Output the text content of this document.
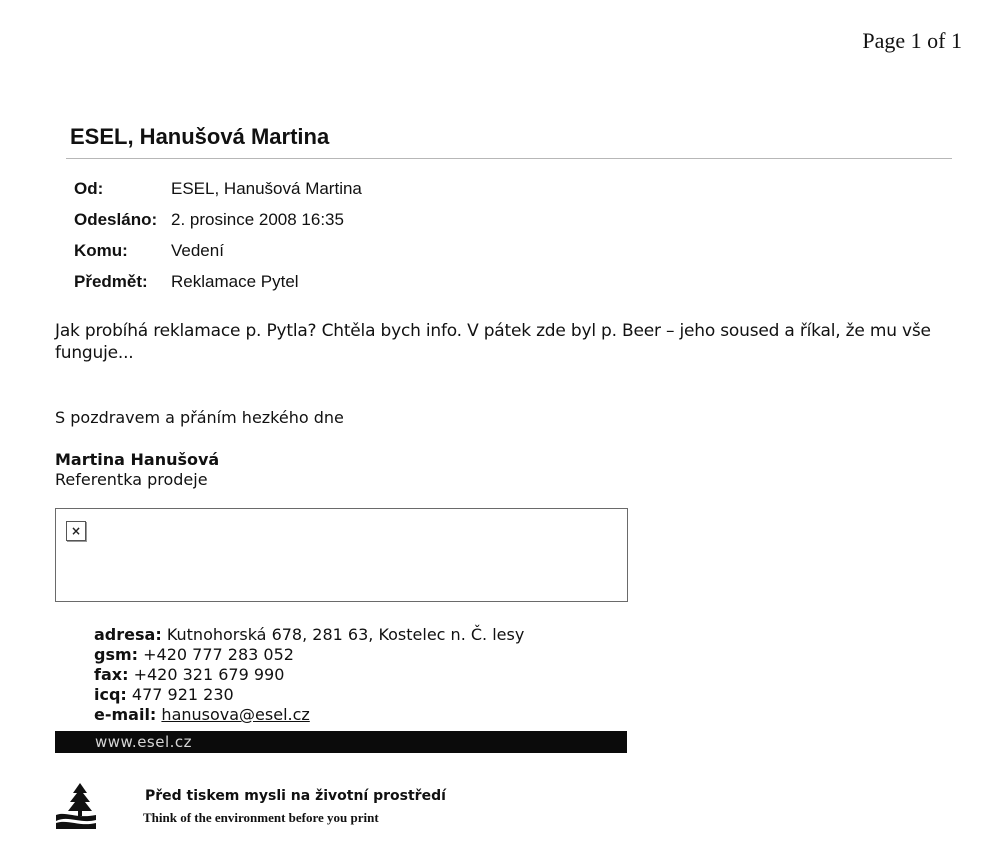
Page 1 of 1
ESEL, Hanušová Martina
Od:	ESEL, Hanušová Martina
Odesláno:	2. prosince 2008 16:35
Komu:	Vedení
Předmět:	Reklamace Pytel
Jak probíhá reklamace p. Pytla? Chtěla bych info. V pátek zde byl p. Beer – jeho soused a říkal, že mu vše funguje...
S pozdravem a přáním hezkého dne
Martina Hanušová
Referentka prodeje
×
adresa: Kutnohorská 678, 281 63, Kostelec n. Č. lesy
gsm: +420 777 283 052
fax: +420 321 679 990
icq: 477 921 230
e-mail: hanusova@esel.cz
www.esel.cz
Před tiskem mysli na životní prostředí
Think of the environment before you print
